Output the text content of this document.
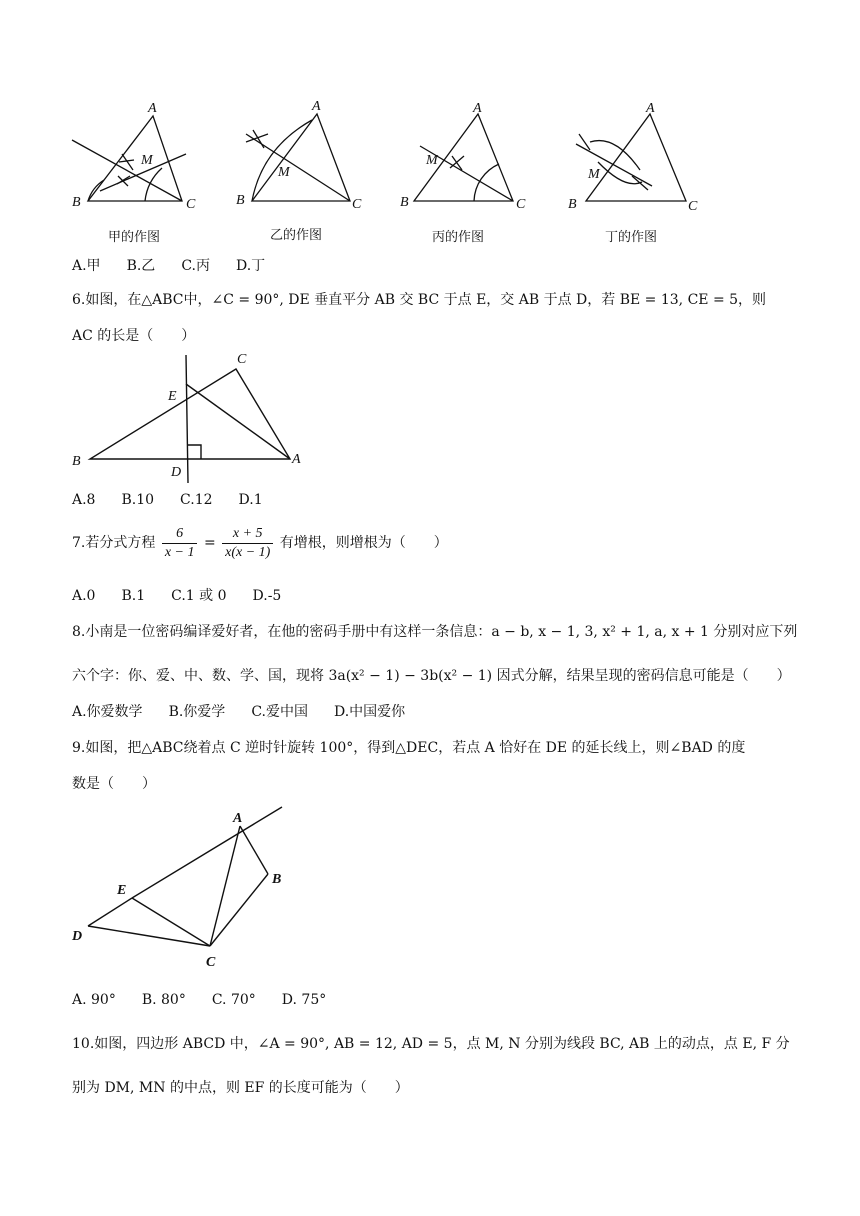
A
B	C
M
A
B	C
M
A
B	C
M
A
B	C
M
甲的作图	乙的作图	丙的作图	丁的作图
A.甲 B.乙 C.丙 D.丁
6.如图，在△ABC中，∠C = 90°, DE 垂直平分 AB 交 BC 于点 E，交 AB 于点 D，若 BE = 13, CE = 5，则
AC 的长是（　　）
C
E
B
D
A
A.8 B.10 C.12 D.1
7.若分式方程 $\frac{6}{x - 1} = \frac{x + 5}{x(x - 1)}$ 有增根，则增根为（　　）
A.0 B.1 C.1 或 0 D.-5
8.小南是一位密码编译爱好者，在他的密码手册中有这样一条信息：a − b, x − 1, 3, x² + 1, a, x + 1 分别对应下列
六个字：你、爱、中、数、学、国，现将 3a(x² − 1) − 3b(x² − 1) 因式分解，结果呈现的密码信息可能是（　　）
A.你爱数学 B.你爱学 C.爱中国 D.中国爱你
9.如图，把△ABC绕着点 C 逆时针旋转 100°，得到△DEC，若点 A 恰好在 DE 的延长线上，则∠BAD 的度
数是（　　）
A
B
E
D
C
A. 90° B. 80° C. 70° D. 75°
10.如图，四边形 ABCD 中，∠A = 90°, AB = 12, AD = 5，点 M, N 分别为线段 BC, AB 上的动点，点 E, F 分
别为 DM, MN 的中点，则 EF 的长度可能为（　　）
